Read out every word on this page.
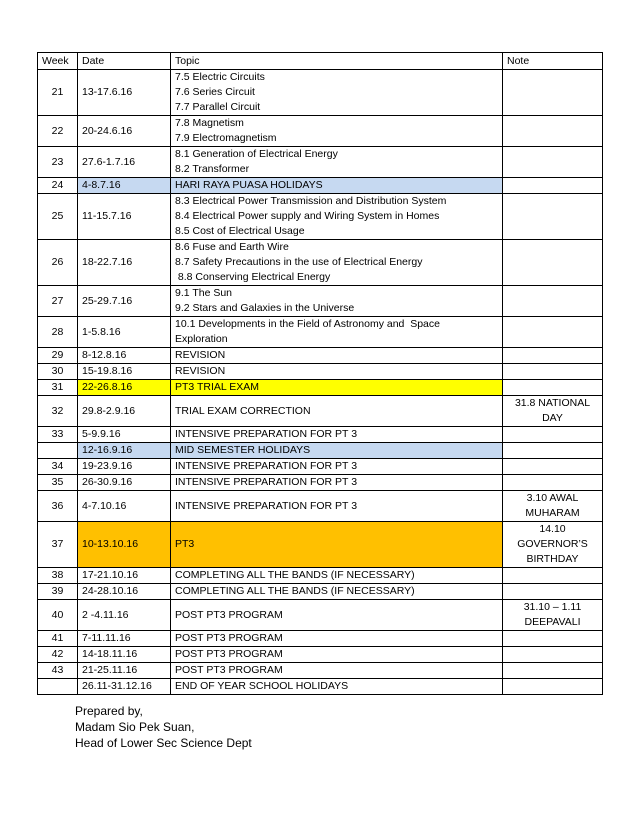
Week	Date	Topic	Note
21	13-17.6.16	7.5 Electric Circuits
7.6 Series Circuit
7.7 Parallel Circuit	

22	20-24.6.16	7.8 Magnetism
7.9 Electromagnetism	

23	27.6-1.7.16	8.1 Generation of Electrical Energy
8.2 Transformer	

24	4-8.7.16	HARI RAYA PUASA HOLIDAYS	

25	11-15.7.16	8.3 Electrical Power Transmission and Distribution System
8.4 Electrical Power supply and Wiring System in Homes
8.5 Cost of Electrical Usage	

26	18-22.7.16	8.6 Fuse and Earth Wire
8.7 Safety Precautions in the use of Electrical Energy
8.8 Conserving Electrical Energy	

27	25-29.7.16	9.1 The Sun
9.2 Stars and Galaxies in the Universe	

28	1-5.8.16	10.1 Developments in the Field of Astronomy and  Space
Exploration	

29	8-12.8.16	REVISION	

30	15-19.8.16	REVISION	

31	22-26.8.16	PT3 TRIAL EXAM	

32	29.8-2.9.16	TRIAL EXAM CORRECTION	31.8 NATIONAL
DAY

33	5-9.9.16	INTENSIVE PREPARATION FOR PT 3	

	12-16.9.16	MID SEMESTER HOLIDAYS	

34	19-23.9.16	INTENSIVE PREPARATION FOR PT 3	

35	26-30.9.16	INTENSIVE PREPARATION FOR PT 3	

36	4-7.10.16	INTENSIVE PREPARATION FOR PT 3	3.10 AWAL
MUHARAM

37	10-13.10.16	PT3	14.10
GOVERNOR’S
BIRTHDAY

38	17-21.10.16	COMPLETING ALL THE BANDS (IF NECESSARY)	

39	24-28.10.16	COMPLETING ALL THE BANDS (IF NECESSARY)	

40	2 -4.11.16	POST PT3 PROGRAM	31.10 – 1.11
DEEPAVALI

41	7-11.11.16	POST PT3 PROGRAM	

42	14-18.11.16	POST PT3 PROGRAM	

43	21-25.11.16	POST PT3 PROGRAM	

	26.11-31.12.16	END OF YEAR SCHOOL HOLIDAYS	

Prepared by,
Madam Sio Pek Suan,
Head of Lower Sec Science Dept
